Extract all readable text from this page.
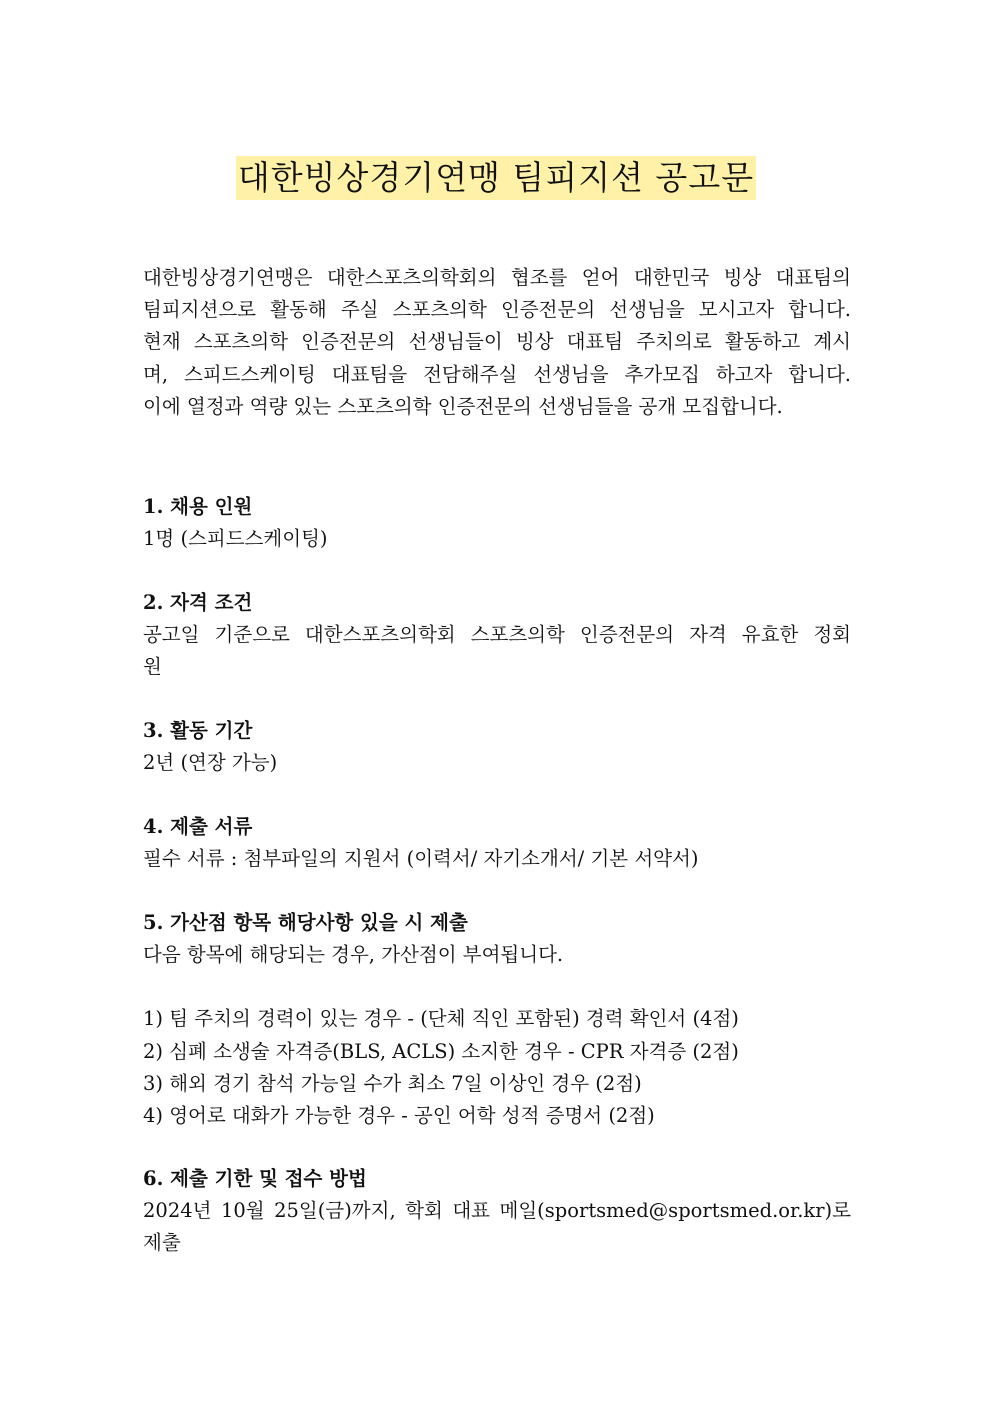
대한빙상경기연맹 팀피지션 공고문
대한빙상경기연맹은 대한스포츠의학회의 협조를 얻어 대한민국 빙상 대표팀의
팀피지션으로 활동해 주실 스포츠의학 인증전문의 선생님을 모시고자 합니다.
현재 스포츠의학 인증전문의 선생님들이 빙상 대표팀 주치의로 활동하고 계시
며, 스피드스케이팅 대표팀을 전담해주실 선생님을 추가모집 하고자 합니다.
이에 열정과 역량 있는 스포츠의학 인증전문의 선생님들을 공개 모집합니다.
1. 채용 인원
1명 (스피드스케이팅)
2. 자격 조건
공고일 기준으로 대한스포츠의학회 스포츠의학 인증전문의 자격 유효한 정회
원
3. 활동 기간
2년 (연장 가능)
4. 제출 서류
필수 서류 : 첨부파일의 지원서 (이력서/ 자기소개서/ 기본 서약서)
5. 가산점 항목 해당사항 있을 시 제출
다음 항목에 해당되는 경우, 가산점이 부여됩니다.
1) 팀 주치의 경력이 있는 경우 - (단체 직인 포함된) 경력 확인서 (4점)
2) 심폐 소생술 자격증(BLS, ACLS) 소지한 경우 - CPR 자격증 (2점)
3) 해외 경기 참석 가능일 수가 최소 7일 이상인 경우 (2점)
4) 영어로 대화가 가능한 경우 - 공인 어학 성적 증명서 (2점)
6. 제출 기한 및 접수 방법
2024년 10월 25일(금)까지, 학회 대표 메일(sportsmed@sportsmed.or.kr)로
제출
